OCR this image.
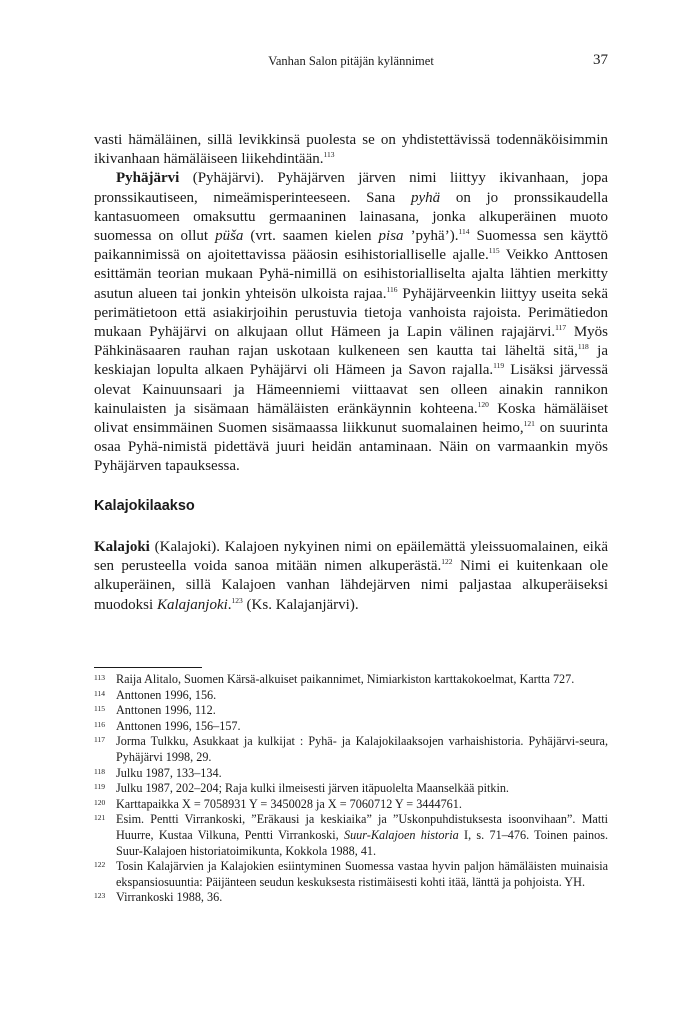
Vanhan Salon pitäjän kylännimet	37

vasti hämäläinen, sillä levikkinsä puolesta se on yhdistettävissä todennäköisimmin ikivanhaan hämäläiseen liikehdintään.$^{113}$

Pyhäjärvi (Pyhäjärvi). Pyhäjärven järven nimi liittyy ikivanhaan, jopa pronssikautiseen, nimeämisperinteeseen. Sana pyhä on jo pronssikaudella kantasuomeen omaksuttu germaaninen lainasana, jonka alkuperäinen muoto suomessa on ollut püša (vrt. saamen kielen pisa ’pyhä’).$^{114}$ Suomessa sen käyttö paikannimissä on ajoitettavissa pääosin esihistorialliselle ajalle.$^{115}$ Veikko Anttosen esittämän teorian mukaan Pyhä-nimillä on esihistorialliselta ajalta lähtien merkitty asutun alueen tai jonkin yhteisön ulkoista rajaa.$^{116}$ Pyhäjärveenkin liittyy useita sekä perimätietoon että asiakirjoihin perustuvia tietoja vanhoista rajoista. Perimätiedon mukaan Pyhäjärvi on alkujaan ollut Hämeen ja Lapin välinen rajajärvi.$^{117}$ Myös Pähkinäsaaren rauhan rajan uskotaan kulkeneen sen kautta tai läheltä sitä,$^{118}$ ja keskiajan lopulta alkaen Pyhäjärvi oli Hämeen ja Savon rajalla.$^{119}$ Lisäksi järvessä olevat Kainuunsaari ja Hämeenniemi viittaavat sen olleen ainakin rannikon kainulaisten ja sisämaan hämäläisten eränkäynnin kohteena.$^{120}$ Koska hämäläiset olivat ensimmäinen Suomen sisämaassa liikkunut suomalainen heimo,$^{121}$ on suurinta osaa Pyhä-nimistä pidettävä juuri heidän antaminaan. Näin on varmaankin myös Pyhäjärven tapauksessa.

Kalajokilaakso

Kalajoki (Kalajoki). Kalajoen nykyinen nimi on epäilemättä yleissuomalainen, eikä sen perusteella voida sanoa mitään nimen alkuperästä.$^{122}$ Nimi ei kuitenkaan ole alkuperäinen, sillä Kalajoen vanhan lähdejärven nimi paljastaa alkuperäiseksi muodoksi Kalajanjoki.$^{123}$ (Ks. Kalajanjärvi).

113 Raija Alitalo, Suomen Kärsä-alkuiset paikannimet, Nimiarkiston karttakokoelmat, Kartta 727.
114 Anttonen 1996, 156.
115 Anttonen 1996, 112.
116 Anttonen 1996, 156–157.
117 Jorma Tulkku, Asukkaat ja kulkijat : Pyhä- ja Kalajokilaaksojen varhaishistoria. Pyhäjärvi-seura, Pyhäjärvi 1998, 29.
118 Julku 1987, 133–134.
119 Julku 1987, 202–204; Raja kulki ilmeisesti järven itäpuolelta Maanselkää pitkin.
120 Karttapaikka X = 7058931 Y = 3450028 ja X = 7060712 Y = 3444761.
121 Esim. Pentti Virrankoski, ”Eräkausi ja keskiaika” ja ”Uskonpuhdistuksesta isoonvihaan”. Matti Huurre, Kustaa Vilkuna, Pentti Virrankoski, Suur-Kalajoen historia I, s. 71–476. Toinen painos. Suur-Kalajoen historiatoimikunta, Kokkola 1988, 41.
122 Tosin Kalajärvien ja Kalajokien esiintyminen Suomessa vastaa hyvin paljon hämäläisten muinaisia ekspansiosuuntia: Päijänteen seudun keskuksesta ristimäisesti kohti itää, länttä ja pohjoista. YH.
123 Virrankoski 1988, 36.
